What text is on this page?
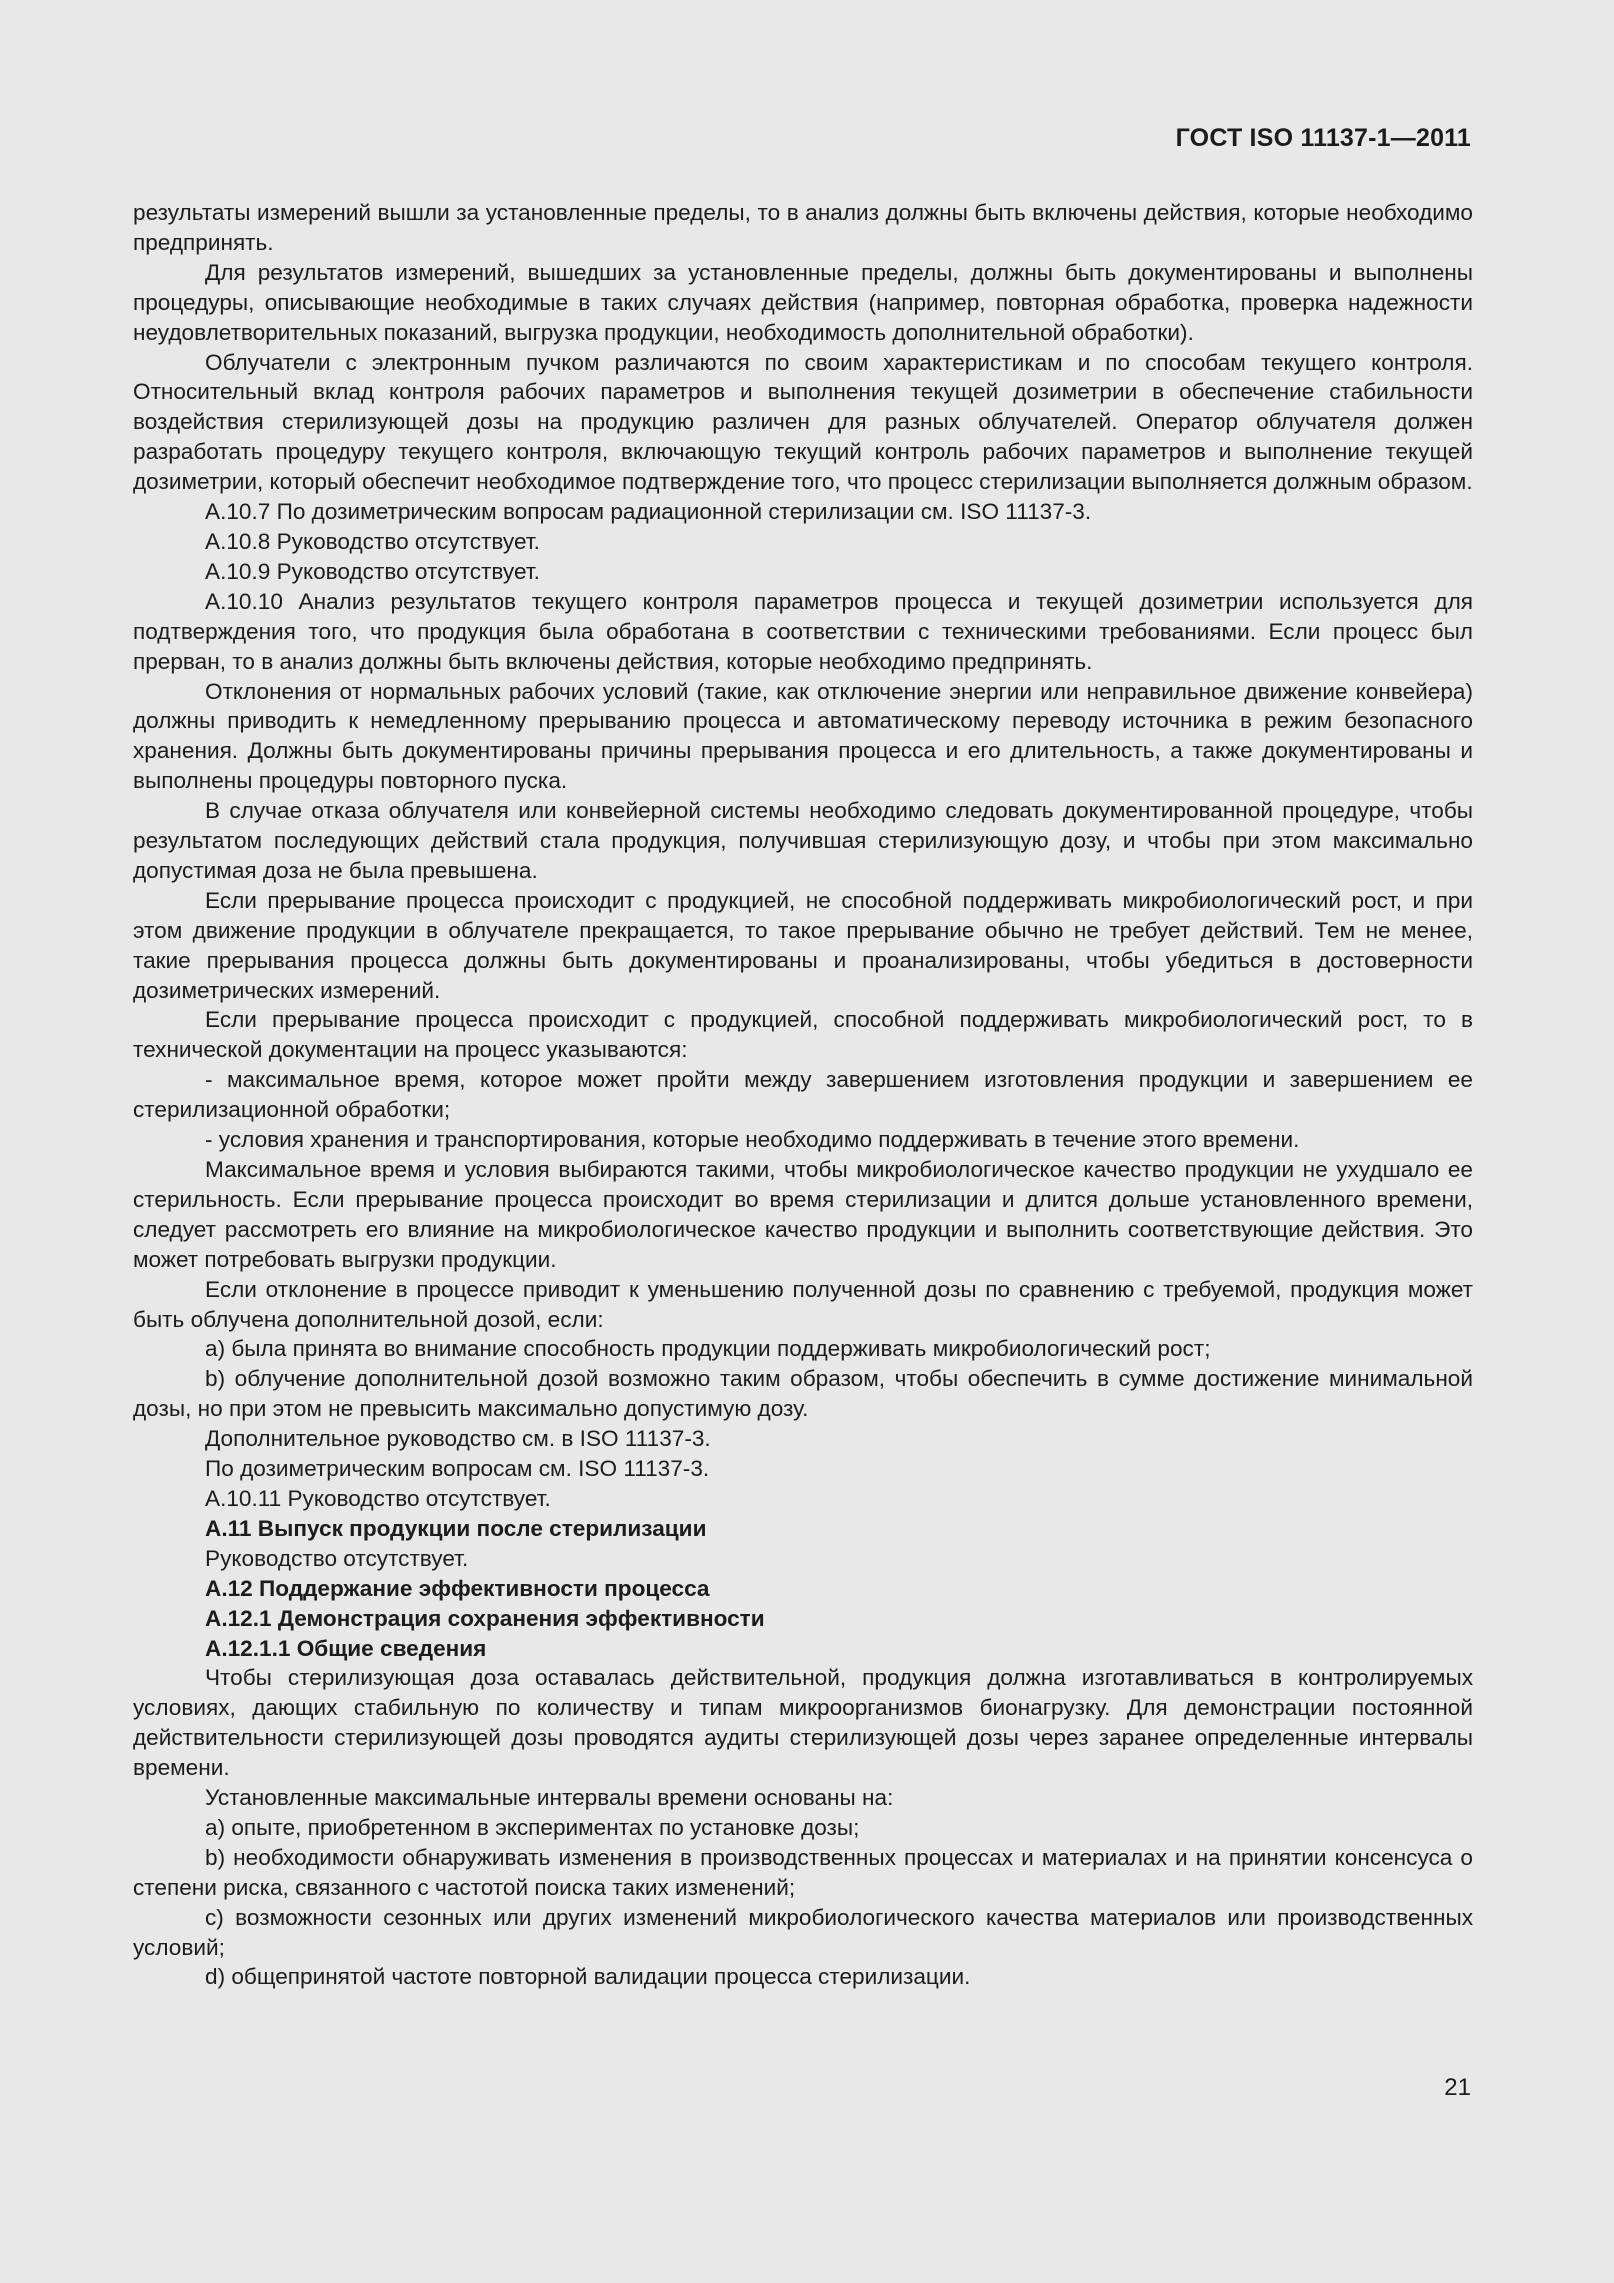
ГОСТ ISO 11137-1—2011

результаты измерений вышли за установленные пределы, то в анализ должны быть включены действия, которые необходимо предпринять.

Для результатов измерений, вышедших за установленные пределы, должны быть документированы и выполнены процедуры, описывающие необходимые в таких случаях действия (например, повторная обработка, проверка надежности неудовлетворительных показаний, выгрузка продукции, необходимость дополнительной обработки).

Облучатели с электронным пучком различаются по своим характеристикам и по способам текущего контроля. Относительный вклад контроля рабочих параметров и выполнения текущей дозиметрии в обеспечение стабильности воздействия стерилизующей дозы на продукцию различен для разных облучателей. Оператор облучателя должен разработать процедуру текущего контроля, включающую текущий контроль рабочих параметров и выполнение текущей дозиметрии, который обеспечит необходимое подтверждение того, что процесс стерилизации выполняется должным образом.

А.10.7 По дозиметрическим вопросам радиационной стерилизации см. ISO 11137-3.

А.10.8 Руководство отсутствует.

А.10.9 Руководство отсутствует.

А.10.10 Анализ результатов текущего контроля параметров процесса и текущей дозиметрии используется для подтверждения того, что продукция была обработана в соответствии с техническими требованиями. Если процесс был прерван, то в анализ должны быть включены действия, которые необходимо предпринять.

Отклонения от нормальных рабочих условий (такие, как отключение энергии или неправильное движение конвейера) должны приводить к немедленному прерыванию процесса и автоматическому переводу источника в режим безопасного хранения. Должны быть документированы причины прерывания процесса и его длительность, а также документированы и выполнены процедуры повторного пуска.

В случае отказа облучателя или конвейерной системы необходимо следовать документированной процедуре, чтобы результатом последующих действий стала продукция, получившая стерилизующую дозу, и чтобы при этом максимально допустимая доза не была превышена.

Если прерывание процесса происходит с продукцией, не способной поддерживать микробиологический рост, и при этом движение продукции в облучателе прекращается, то такое прерывание обычно не требует действий. Тем не менее, такие прерывания процесса должны быть документированы и проанализированы, чтобы убедиться в достоверности дозиметрических измерений.

Если прерывание процесса происходит с продукцией, способной поддерживать микробиологический рост, то в технической документации на процесс указываются:

- максимальное время, которое может пройти между завершением изготовления продукции и завершением ее стерилизационной обработки;

- условия хранения и транспортирования, которые необходимо поддерживать в течение этого времени.

Максимальное время и условия выбираются такими, чтобы микробиологическое качество продукции не ухудшало ее стерильность. Если прерывание процесса происходит во время стерилизации и длится дольше установленного времени, следует рассмотреть его влияние на микробиологическое качество продукции и выполнить соответствующие действия. Это может потребовать выгрузки продукции.

Если отклонение в процессе приводит к уменьшению полученной дозы по сравнению с требуемой, продукция может быть облучена дополнительной дозой, если:

a) была принята во внимание способность продукции поддерживать микробиологический рост;

b) облучение дополнительной дозой возможно таким образом, чтобы обеспечить в сумме достижение минимальной дозы, но при этом не превысить максимально допустимую дозу.

Дополнительное руководство см. в ISO 11137-3.

По дозиметрическим вопросам см. ISO 11137-3.

А.10.11 Руководство отсутствует.

А.11 Выпуск продукции после стерилизации

Руководство отсутствует.

А.12 Поддержание эффективности процесса

А.12.1 Демонстрация сохранения эффективности

А.12.1.1 Общие сведения

Чтобы стерилизующая доза оставалась действительной, продукция должна изготавливаться в контролируемых условиях, дающих стабильную по количеству и типам микроорганизмов бионагрузку. Для демонстрации постоянной действительности стерилизующей дозы проводятся аудиты стерилизующей дозы через заранее определенные интервалы времени.

Установленные максимальные интервалы времени основаны на:

a) опыте, приобретенном в экспериментах по установке дозы;

b) необходимости обнаруживать изменения в производственных процессах и материалах и на принятии консенсуса о степени риска, связанного с частотой поиска таких изменений;

c) возможности сезонных или других изменений микробиологического качества материалов или производственных условий;

d) общепринятой частоте повторной валидации процесса стерилизации.

21
